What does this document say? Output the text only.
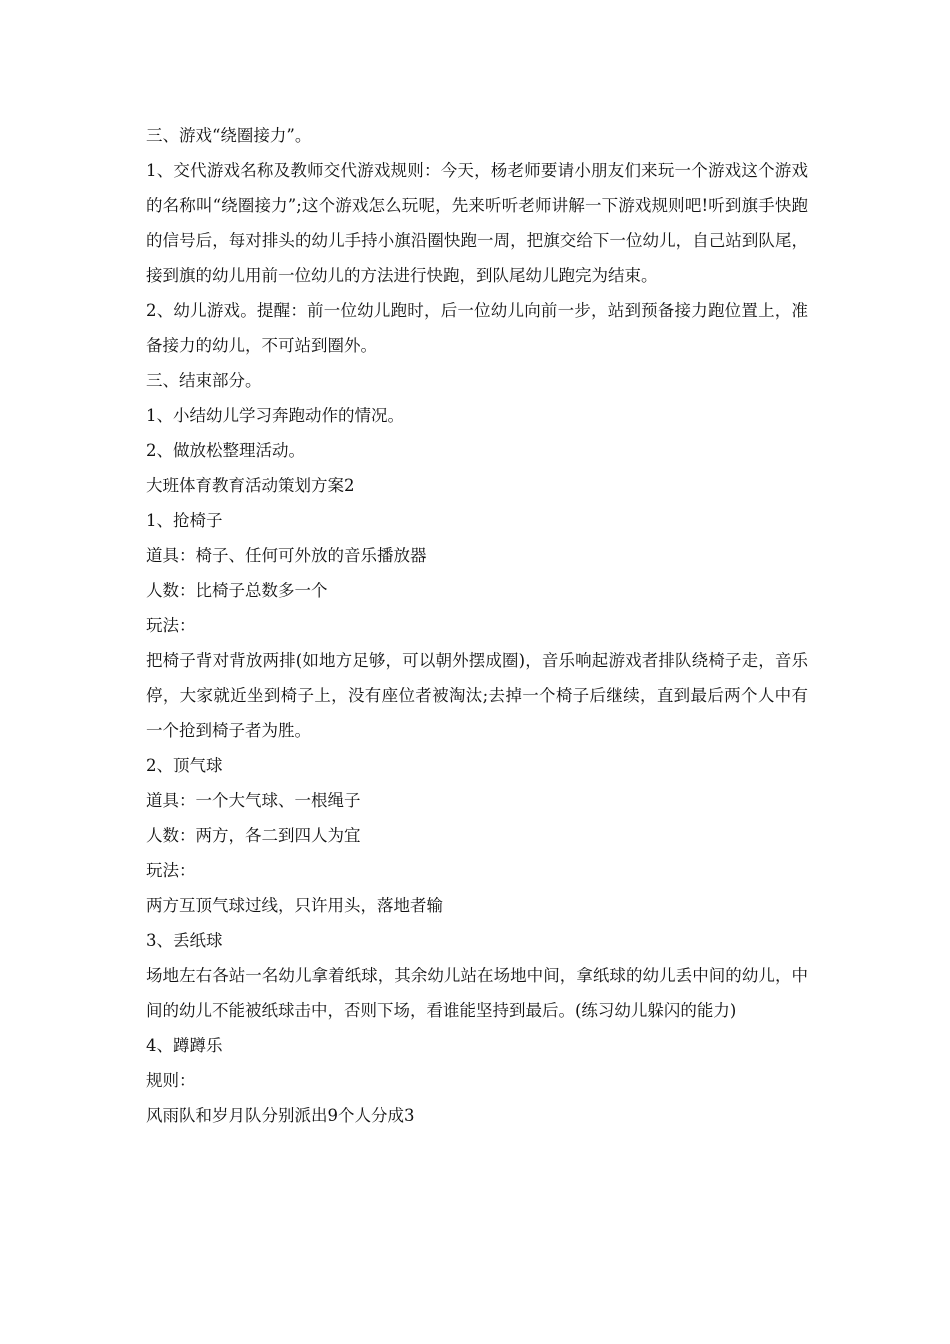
三、游戏“绕圈接力”。

1、交代游戏名称及教师交代游戏规则：今天，杨老师要请小朋友们来玩一个游戏这个游戏的名称叫“绕圈接力”;这个游戏怎么玩呢，先来听听老师讲解一下游戏规则吧!听到旗手快跑的信号后，每对排头的幼儿手持小旗沿圈快跑一周，把旗交给下一位幼儿，自己站到队尾，接到旗的幼儿用前一位幼儿的方法进行快跑，到队尾幼儿跑完为结束。

2、幼儿游戏。提醒：前一位幼儿跑时，后一位幼儿向前一步，站到预备接力跑位置上，准备接力的幼儿，不可站到圈外。

三、结束部分。

1、小结幼儿学习奔跑动作的情况。

2、做放松整理活动。

大班体育教育活动策划方案2

1、抢椅子

道具：椅子、任何可外放的音乐播放器

人数：比椅子总数多一个

玩法：

把椅子背对背放两排(如地方足够，可以朝外摆成圈)，音乐响起游戏者排队绕椅子走，音乐停，大家就近坐到椅子上，没有座位者被淘汰;去掉一个椅子后继续，直到最后两个人中有一个抢到椅子者为胜。

2、顶气球

道具：一个大气球、一根绳子

人数：两方，各二到四人为宜

玩法：

两方互顶气球过线，只许用头，落地者输

3、丢纸球

场地左右各站一名幼儿拿着纸球，其余幼儿站在场地中间，拿纸球的幼儿丢中间的幼儿，中间的幼儿不能被纸球击中，否则下场，看谁能坚持到最后。(练习幼儿躲闪的能力)

4、蹲蹲乐

规则：

风雨队和岁月队分别派出9个人分成3
